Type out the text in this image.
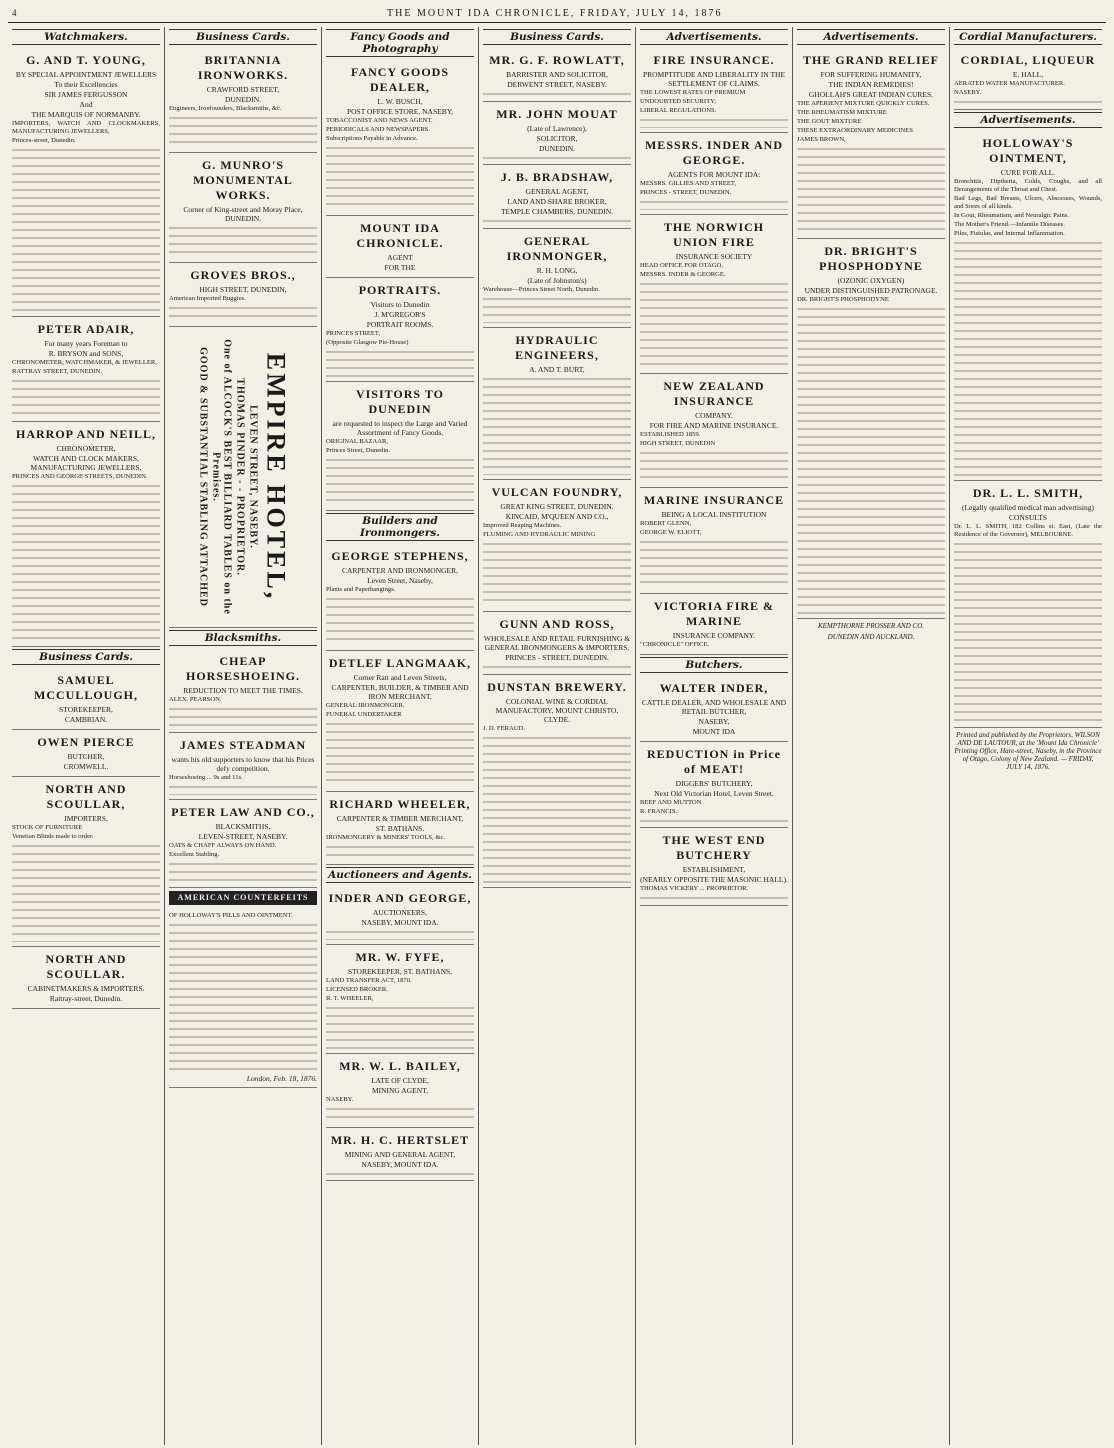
4	THE MOUNT IDA CHRONICLE, FRIDAY, JULY 14, 1876
Watchmakers.
G. AND T. YOUNG,
BY SPECIAL APPOINTMENT JEWELLERS
To their Excellencies
SIR JAMES FERGUSSON
And
THE MARQUIS OF NORMANBY.

IMPORTERS, WATCH AND CLOCKMAKERS, MANUFACTURING JEWELLERS,

Princes-street, Dunedin.

PETER ADAIR,
For many years Foreman to
R. BRYSON and SONS,

CHRONOMETER, WATCHMAKER, & JEWELLER,

RATTRAY STREET, DUNEDIN.

HARROP AND NEILL,
CHRONOMETER,
WATCH AND CLOCK MAKERS, MANUFACTURING JEWELLERS,

PRINCES AND GEORGE STREETS, DUNEDIN.

Business Cards.
SAMUEL MCCULLOUGH,
STOREKEEPER,
CAMBRIAN.
OWEN PIERCE
BUTCHER,
CROMWELL.
NORTH AND SCOULLAR,
IMPORTERS,

STOCK OF FURNITURE

Venetian Blinds made to order.

NORTH AND SCOULLAR.
CABINETMAKERS & IMPORTERS.
Rattray-street, Dunedin.
Business Cards.
BRITANNIA IRONWORKS.
CRAWFORD STREET,
DUNEDIN.

Engineers, Ironfounders, Blacksmiths, &c.

G. MUNRO'S MONUMENTAL WORKS.
Corner of King-street and Moray Place, DUNEDIN.
GROVES BROS.,
HIGH STREET, DUNEDIN,

American Imported Buggies.

EMPIRE HOTEL,
LEVEN STREET, NASEBY.
THOMAS PINDER - - PROPRIETOR.
One of ALCOCK'S BEST BILLIARD TABLES on the Premises.
GOOD & SUBSTANTIAL STABLING ATTACHED
Blacksmiths.
CHEAP HORSESHOEING.
REDUCTION TO MEET THE TIMES.

ALEX. PEARSON.

JAMES STEADMAN
wants his old supporters to know that his Prices defy competition.

Horseshoeing ... 9s and 11s.

PETER LAW AND CO.,
BLACKSMITHS,
LEVEN-STREET, NASEBY.

OATS & CHAFF ALWAYS ON HAND.

Excellent Stabling.

AMERICAN COUNTERFEITS

OF HOLLOWAY'S PILLS AND OINTMENT.

London, Feb. 18, 1876.
Fancy Goods and Photography
FANCY GOODS DEALER,
L. W. BUSCH,
POST OFFICE STORE, NASEBY,

TOBACCONIST AND NEWS AGENT.

PERIODICALS AND NEWSPAPERS.

Subscriptions Payable in Advance.

MOUNT IDA CHRONICLE.
AGENT
FOR THE
PORTRAITS.
Visitors to Dunedin
J. M'GREGOR'S
PORTRAIT ROOMS.

PRINCES STREET,

(Opposite Glasgow Pie-House)

VISITORS TO DUNEDIN
are requested to inspect the Large and Varied Assortment of Fancy Goods,

ORIGINAL BAZAAR,

Princes Street, Dunedin.

Builders and Ironmongers.
GEORGE STEPHENS,
CARPENTER AND IRONMONGER,
Leven Street, Naseby,

Plants and Paperhangings.

DETLEF LANGMAAK,
Corner Ratt and Leven Streets,
CARPENTER, BUILDER, & TIMBER AND IRON MERCHANT,

GENERAL IRONMONGER.

FUNERAL UNDERTAKER

RICHARD WHEELER,
CARPENTER & TIMBER MERCHANT,
ST. BATHANS.

IRONMONGERY & MINERS' TOOLS, &c.

Auctioneers and Agents.
INDER AND GEORGE,
AUCTIONEERS,
NASEBY, MOUNT IDA.
MR. W. FYFE,
STOREKEEPER, ST. BATHANS,

LAND TRANSFER ACT, 1870.

LICENSED BROKER.

R. T. WHEELER,

MR. W. L. BAILEY,
LATE OF CLYDE,
MINING AGENT,

NASEBY.

MR. H. C. HERTSLET
MINING AND GENERAL AGENT,
NASEBY, MOUNT IDA.
Business Cards.
MR. G. F. ROWLATT,
BARRISTER AND SOLICITOR,
DERWENT STREET, NASEBY.
MR. JOHN MOUAT
(Late of Lawrence),
SOLICITOR,
DUNEDIN.
J. B. BRADSHAW,
GENERAL AGENT,
LAND AND SHARE BROKER,
TEMPLE CHAMBERS, DUNEDIN.
GENERAL IRONMONGER,
R. H. LONG,
(Late of Johnston's)

Warehouse—Princes Street North, Dunedin.

HYDRAULIC ENGINEERS,
A. AND T. BURT,
VULCAN FOUNDRY,
GREAT KING STREET, DUNEDIN.
KINCAID, M'QUEEN AND CO.,

Improved Reaping Machines.

FLUMING AND HYDRAULIC MINING

GUNN AND ROSS,
WHOLESALE AND RETAIL FURNISHING & GENERAL IRONMONGERS & IMPORTERS,
PRINCES - STREET, DUNEDIN.
DUNSTAN BREWERY.
COLONIAL WINE & CORDIAL MANUFACTORY, MOUNT CHRISTO, CLYDE.

J. D. FERAUD.

Advertisements.
FIRE INSURANCE.
PROMPTITUDE AND LIBERALITY IN THE SETTLEMENT OF CLAIMS.

THE LOWEST RATES OF PREMIUM

UNDOUBTED SECURITY;

LIBERAL REGULATIONS.

MESSRS. INDER AND GEORGE.
AGENTS FOR MOUNT IDA:

MESSRS. GILLIES AND STREET,

PRINCES - STREET, DUNEDIN.

THE NORWICH UNION FIRE
INSURANCE SOCIETY

HEAD OFFICE FOR OTAGO,

MESSRS. INDER & GEORGE.

NEW ZEALAND INSURANCE
COMPANY.
FOR FIRE AND MARINE INSURANCE.

ESTABLISHED 1859.

HIGH STREET, DUNEDIN

MARINE INSURANCE
BEING A LOCAL INSTITUTION

ROBERT GLENN,

GEORGE W. ELIOTT,

VICTORIA FIRE & MARINE
INSURANCE COMPANY.

"CHRONICLE" OFFICE.

Butchers.
WALTER INDER,
CATTLE DEALER, AND WHOLESALE AND RETAIL BUTCHER,
NASEBY,
MOUNT IDA
REDUCTION in Price of MEAT!
DIGGERS' BUTCHERY,
Next Old Victorian Hotel, Leven Street.

BEEF AND MUTTON

R. FRANCIS.

THE WEST END BUTCHERY
ESTABLISHMENT,
(NEARLY OPPOSITE THE MASONIC HALL).

THOMAS VICKERY ... PROPRIETOR.

Advertisements.
THE GRAND RELIEF
FOR SUFFERING HUMANITY,
THE INDIAN REMEDIES!
GHOLLAH'S GREAT INDIAN CURES.

THE APERIENT MIXTURE QUICKLY CURES.

THE RHEUMATISM MIXTURE

THE GOUT MIXTURE

THESE EXTRAORDINARY MEDICINES

JAMES BROWN,

DR. BRIGHT'S PHOSPHODYNE
(OZONIC OXYGEN)
UNDER DISTINGUISHED PATRONAGE.

DR. BRIGHT'S PHOSPHODYNE

KEMPTHORNE PROSSER AND CO.
DUNEDIN AND AUCKLAND.
Cordial Manufacturers.
CORDIAL, LIQUEUR
E. HALL,

AERATED WATER MANUFACTURER.

NASEBY.

Advertisements.
HOLLOWAY'S OINTMENT,
CURE FOR ALL.

Bronchitis, Diptheria, Colds, Coughs, and all Derangements of the Throat and Chest.

Bad Legs, Bad Breasts, Ulcers, Abscesses, Wounds, and Sores of all kinds.

In Gout, Rheumatism, and Neuralgic Pains.

The Mother's Friend.—Infantile Diseases.

Piles, Fistulas, and Internal Inflammation.

DR. L. L. SMITH,
(Legally qualified medical man advertising)
CONSULTS

Dr. L. L. SMITH, 182 Collins st. East, (Late the Residence of the Governor), MELBOURNE.

Printed and published by the Proprietors, WILSON AND DE LAUTOUR, at the 'Mount Ida Chronicle' Printing Office, Hare-street, Naseby, in the Province of Otago, Colony of New Zealand. — FRIDAY, JULY 14, 1876.
